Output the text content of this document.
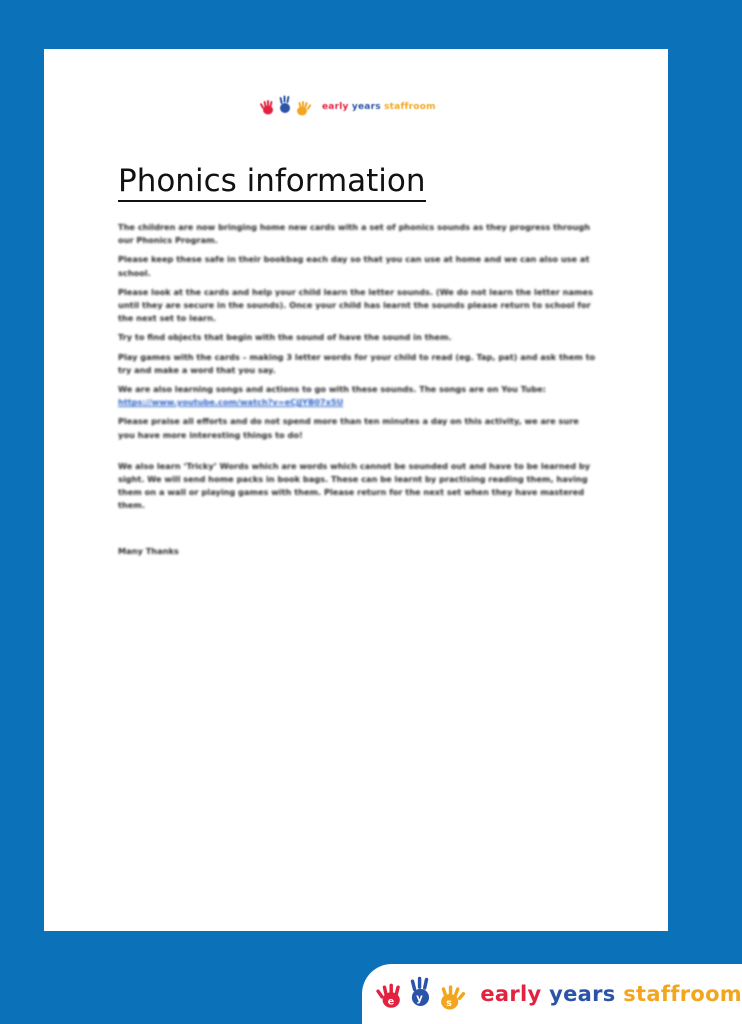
early years staffroom
Phonics information

The children are now bringing home new cards with a set of phonics sounds as they progress through our Phonics Program.

Please keep these safe in their bookbag each day so that you can use at home and we can also use at school.

Please look at the cards and help your child learn the letter sounds. (We do not learn the letter names until they are secure in the sounds). Once your child has learnt the sounds please return to school for the next set to learn.

Try to find objects that begin with the sound of have the sound in them.

Play games with the cards – making 3 letter words for your child to read (eg. Tap, pat) and ask them to try and make a word that you say.

We are also learning songs and actions to go with these sounds. The songs are on You Tube: https://www.youtube.com/watch?v=eCjJYB07x5U

Please praise all efforts and do not spend more than ten minutes a day on this activity, we are sure you have more interesting things to do!

We also learn ‘Tricky’ Words which are words which cannot be sounded out and have to be learned by sight. We will send home packs in book bags. These can be learnt by practising reading them, having them on a wall or playing games with them. Please return for the next set when they have mastered them.

Many Thanks

e y s early years staffroom
